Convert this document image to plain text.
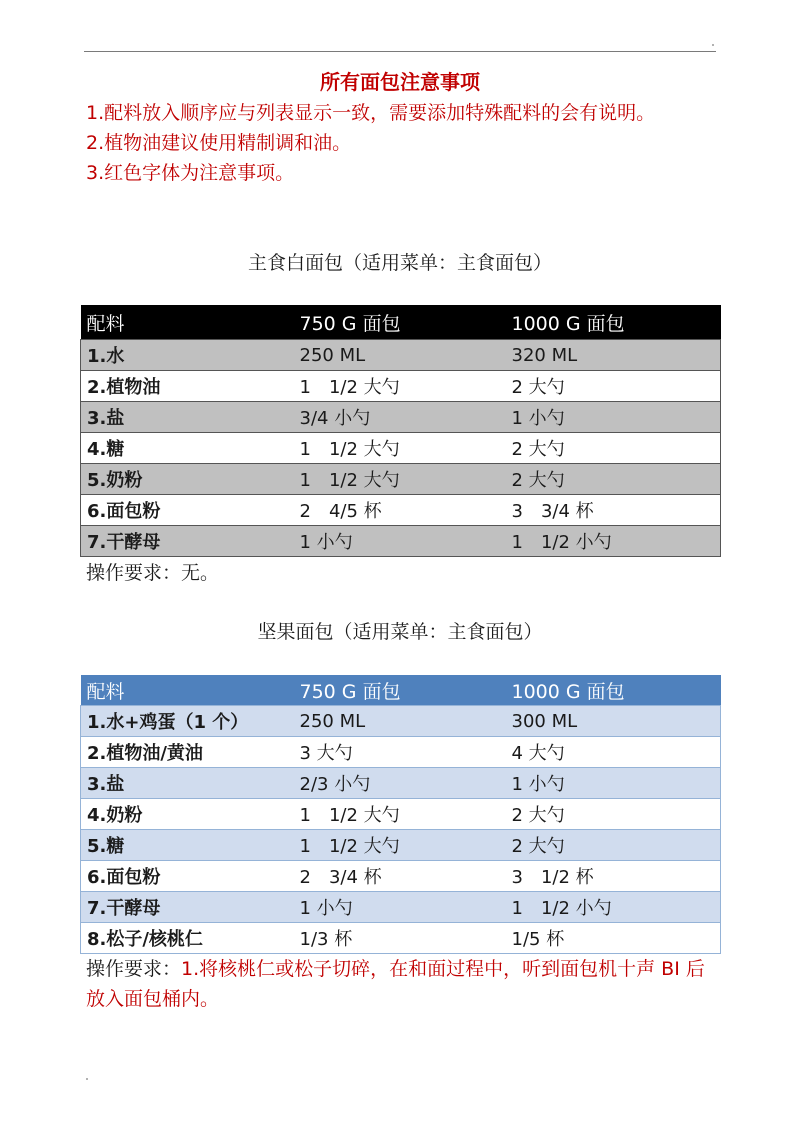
所有面包注意事项
1.配料放入顺序应与列表显示一致，需要添加特殊配料的会有说明。
2.植物油建议使用精制调和油。
3.红色字体为注意事项。
主食白面包（适用菜单：主食面包）
配料	750 G 面包	1000 G 面包
1.水	250 ML	320 ML
2.植物油	1　1/2 大勺	2 大勺
3.盐	3/4 小勺	1 小勺
4.糖	1　1/2 大勺	2 大勺
5.奶粉	1　1/2 大勺	2 大勺
6.面包粉	2　4/5 杯	3　3/4 杯
7.干酵母	1 小勺	1　1/2 小勺
操作要求：无。
坚果面包（适用菜单：主食面包）
配料	750 G 面包	1000 G 面包
1.水+鸡蛋（1 个）	250 ML	300 ML
2.植物油/黄油	3 大勺	4 大勺
3.盐	2/3 小勺	1 小勺
4.奶粉	1　1/2 大勺	2 大勺
5.糖	1　1/2 大勺	2 大勺
6.面包粉	2　3/4 杯	3　1/2 杯
7.干酵母	1 小勺	1　1/2 小勺
8.松子/核桃仁	1/3 杯	1/5 杯
操作要求：1.将核桃仁或松子切碎，在和面过程中，听到面包机十声 BI 后放入面包桶内。
